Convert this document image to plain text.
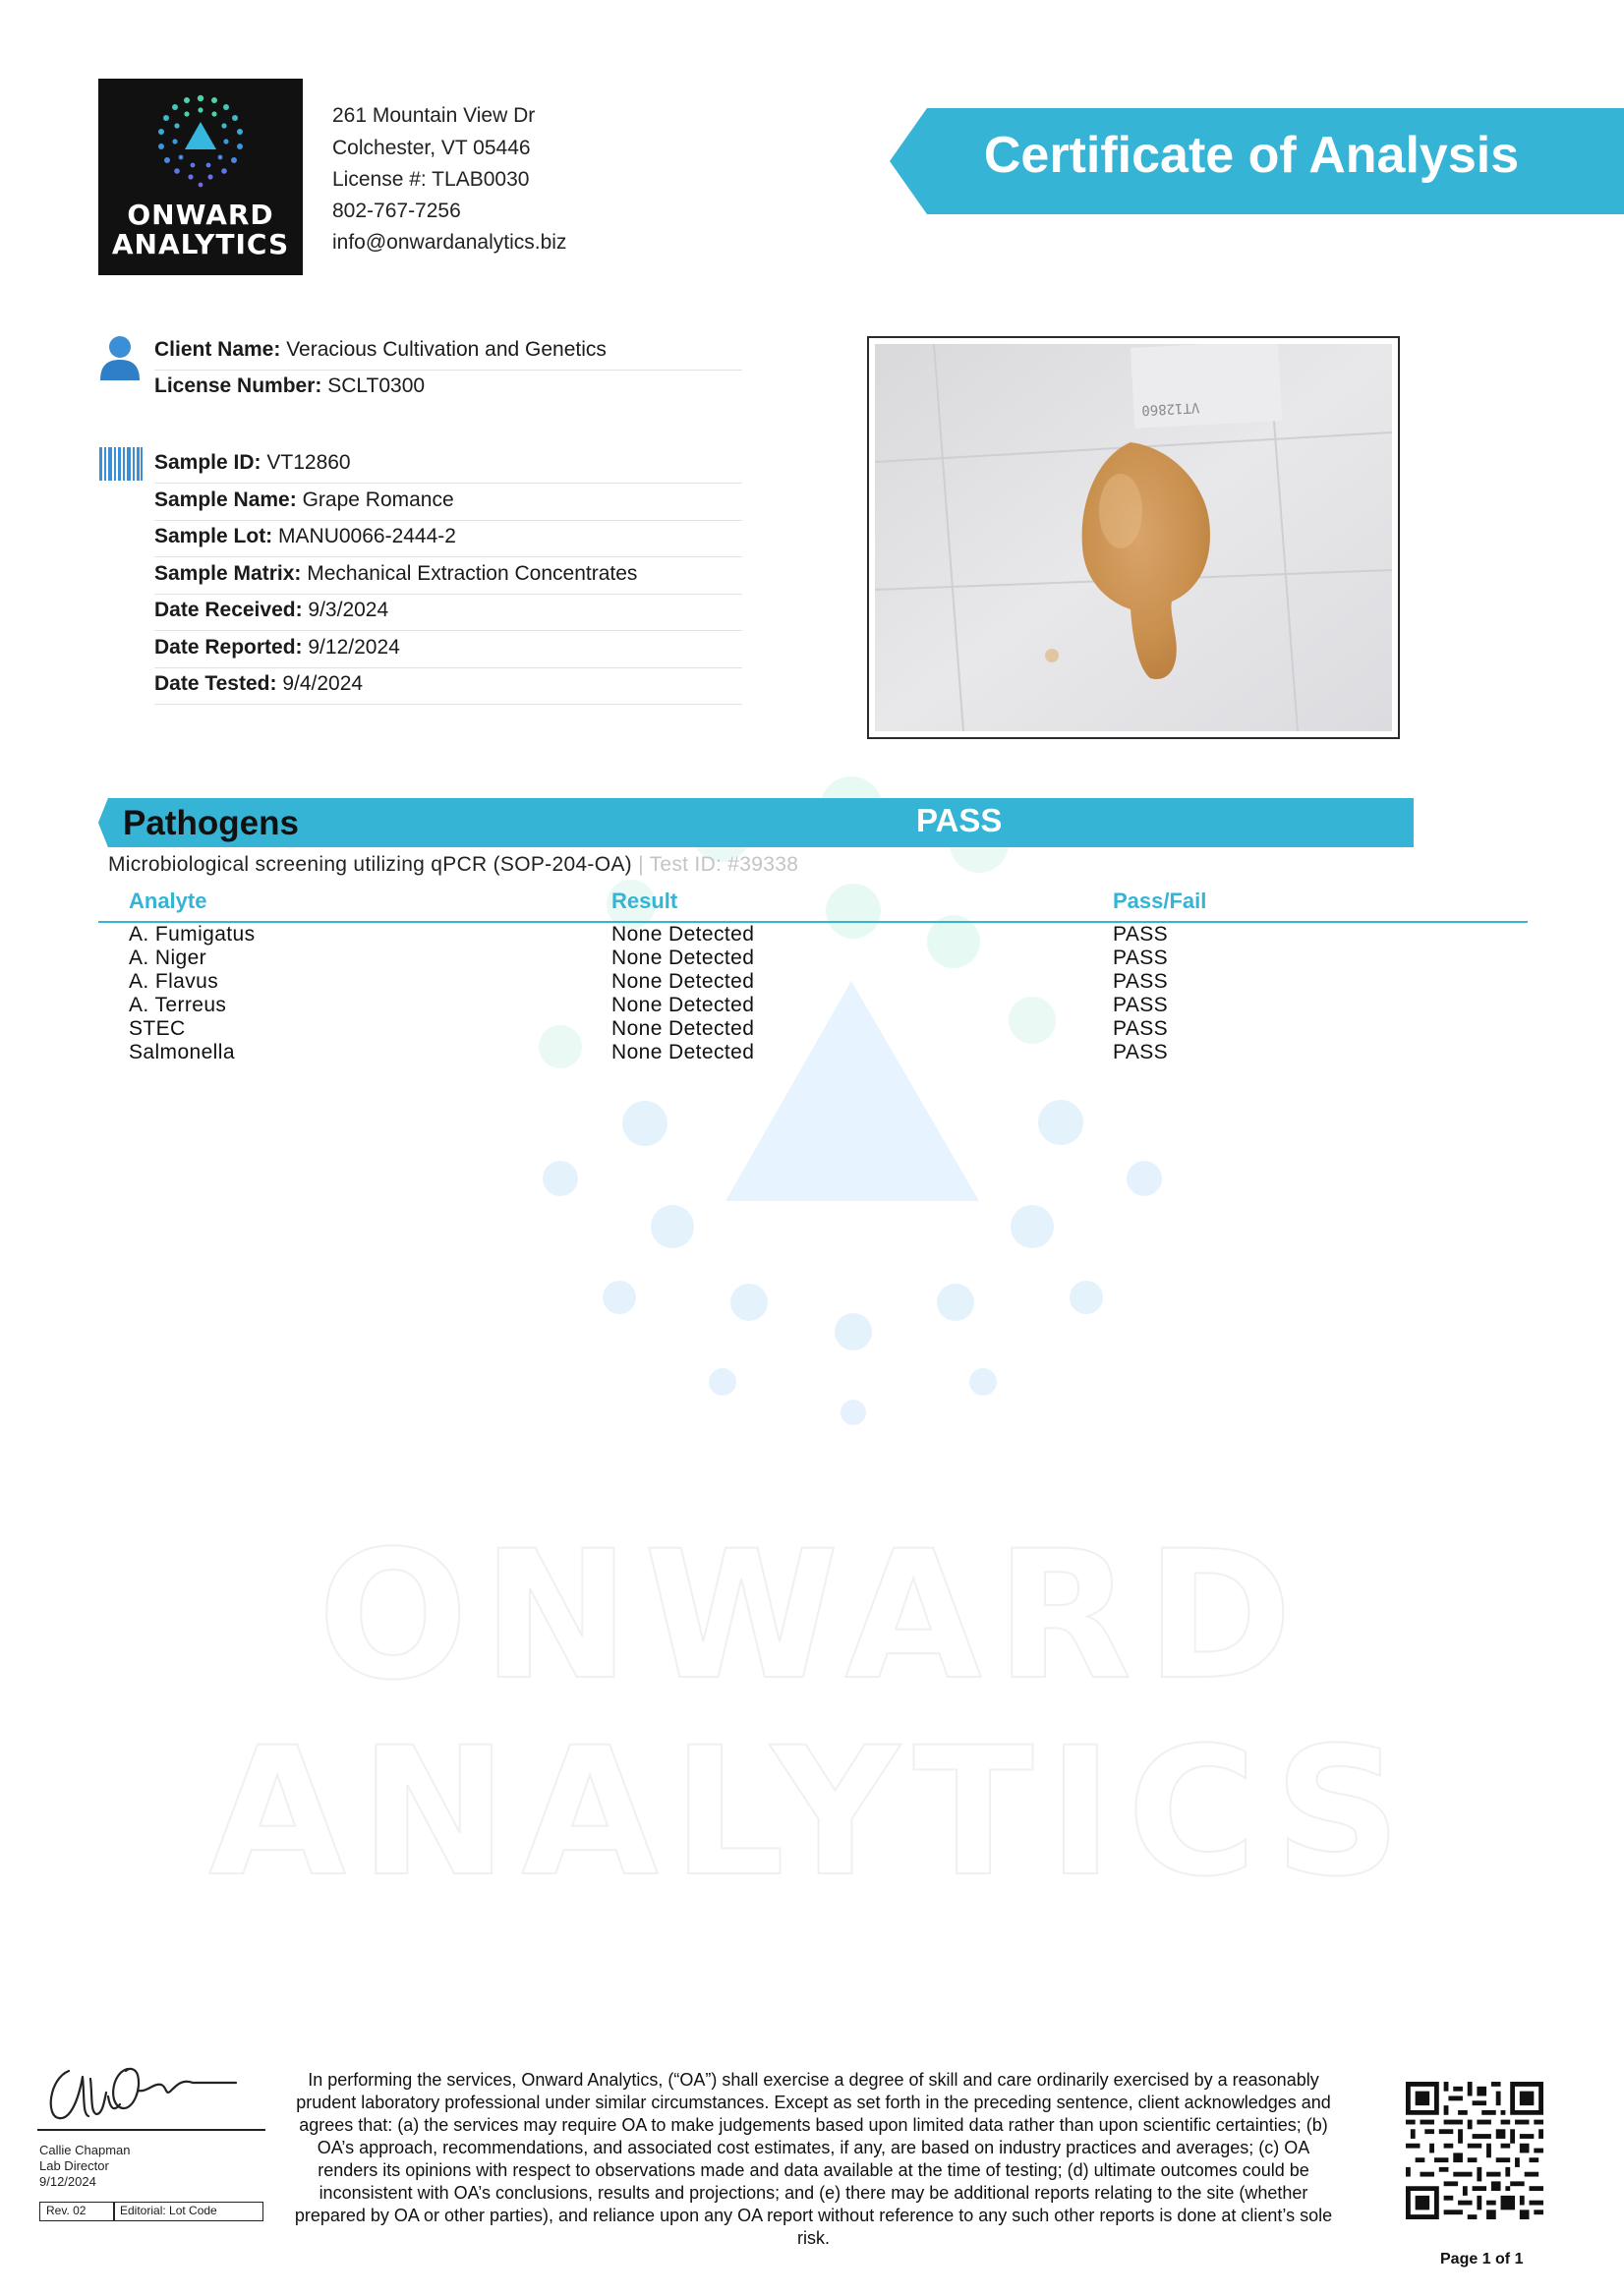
ONWARD
ANALYTICS
ONWARD
ANALYTICS
261 Mountain View Dr
Colchester, VT 05446
License #: TLAB0030
802-767-7256
info@onwardanalytics.biz
Certificate of Analysis
Client Name: Veracious Cultivation and Genetics
License Number: SCLT0300
Sample ID: VT12860
Sample Name: Grape Romance
Sample Lot: MANU0066-2444-2
Sample Matrix: Mechanical Extraction Concentrates
Date Received: 9/3/2024
Date Reported: 9/12/2024
Date Tested: 9/4/2024
VT12860
Pathogens	PASS
Microbiological screening utilizing qPCR (SOP-204-OA) | Test ID: #39338
Analyte	Result	Pass/Fail
A. Fumigatus	None Detected	PASS
A. Niger	None Detected	PASS
A. Flavus	None Detected	PASS
A. Terreus	None Detected	PASS
STEC	None Detected	PASS
Salmonella	None Detected	PASS
Callie Chapman
Lab Director
9/12/2024
Rev. 02	Editorial: Lot Code
In performing the services, Onward Analytics, (“OA”) shall exercise a degree of skill and care ordinarily exercised by a reasonably prudent laboratory professional under similar circumstances. Except as set forth in the preceding sentence, client acknowledges and agrees that: (a) the services may require OA to make judgements based upon limited data rather than upon scientific certainties; (b) OA’s approach, recommendations, and associated cost estimates, if any, are based on industry practices and averages; (c) OA renders its opinions with respect to observations made and data available at the time of testing; (d) ultimate outcomes could be inconsistent with OA’s conclusions, results and projections; and (e) there may be additional reports relating to the site (whether prepared by OA or other parties), and reliance upon any OA report without reference to any such other reports is done at client’s sole risk.
Page 1 of 1
